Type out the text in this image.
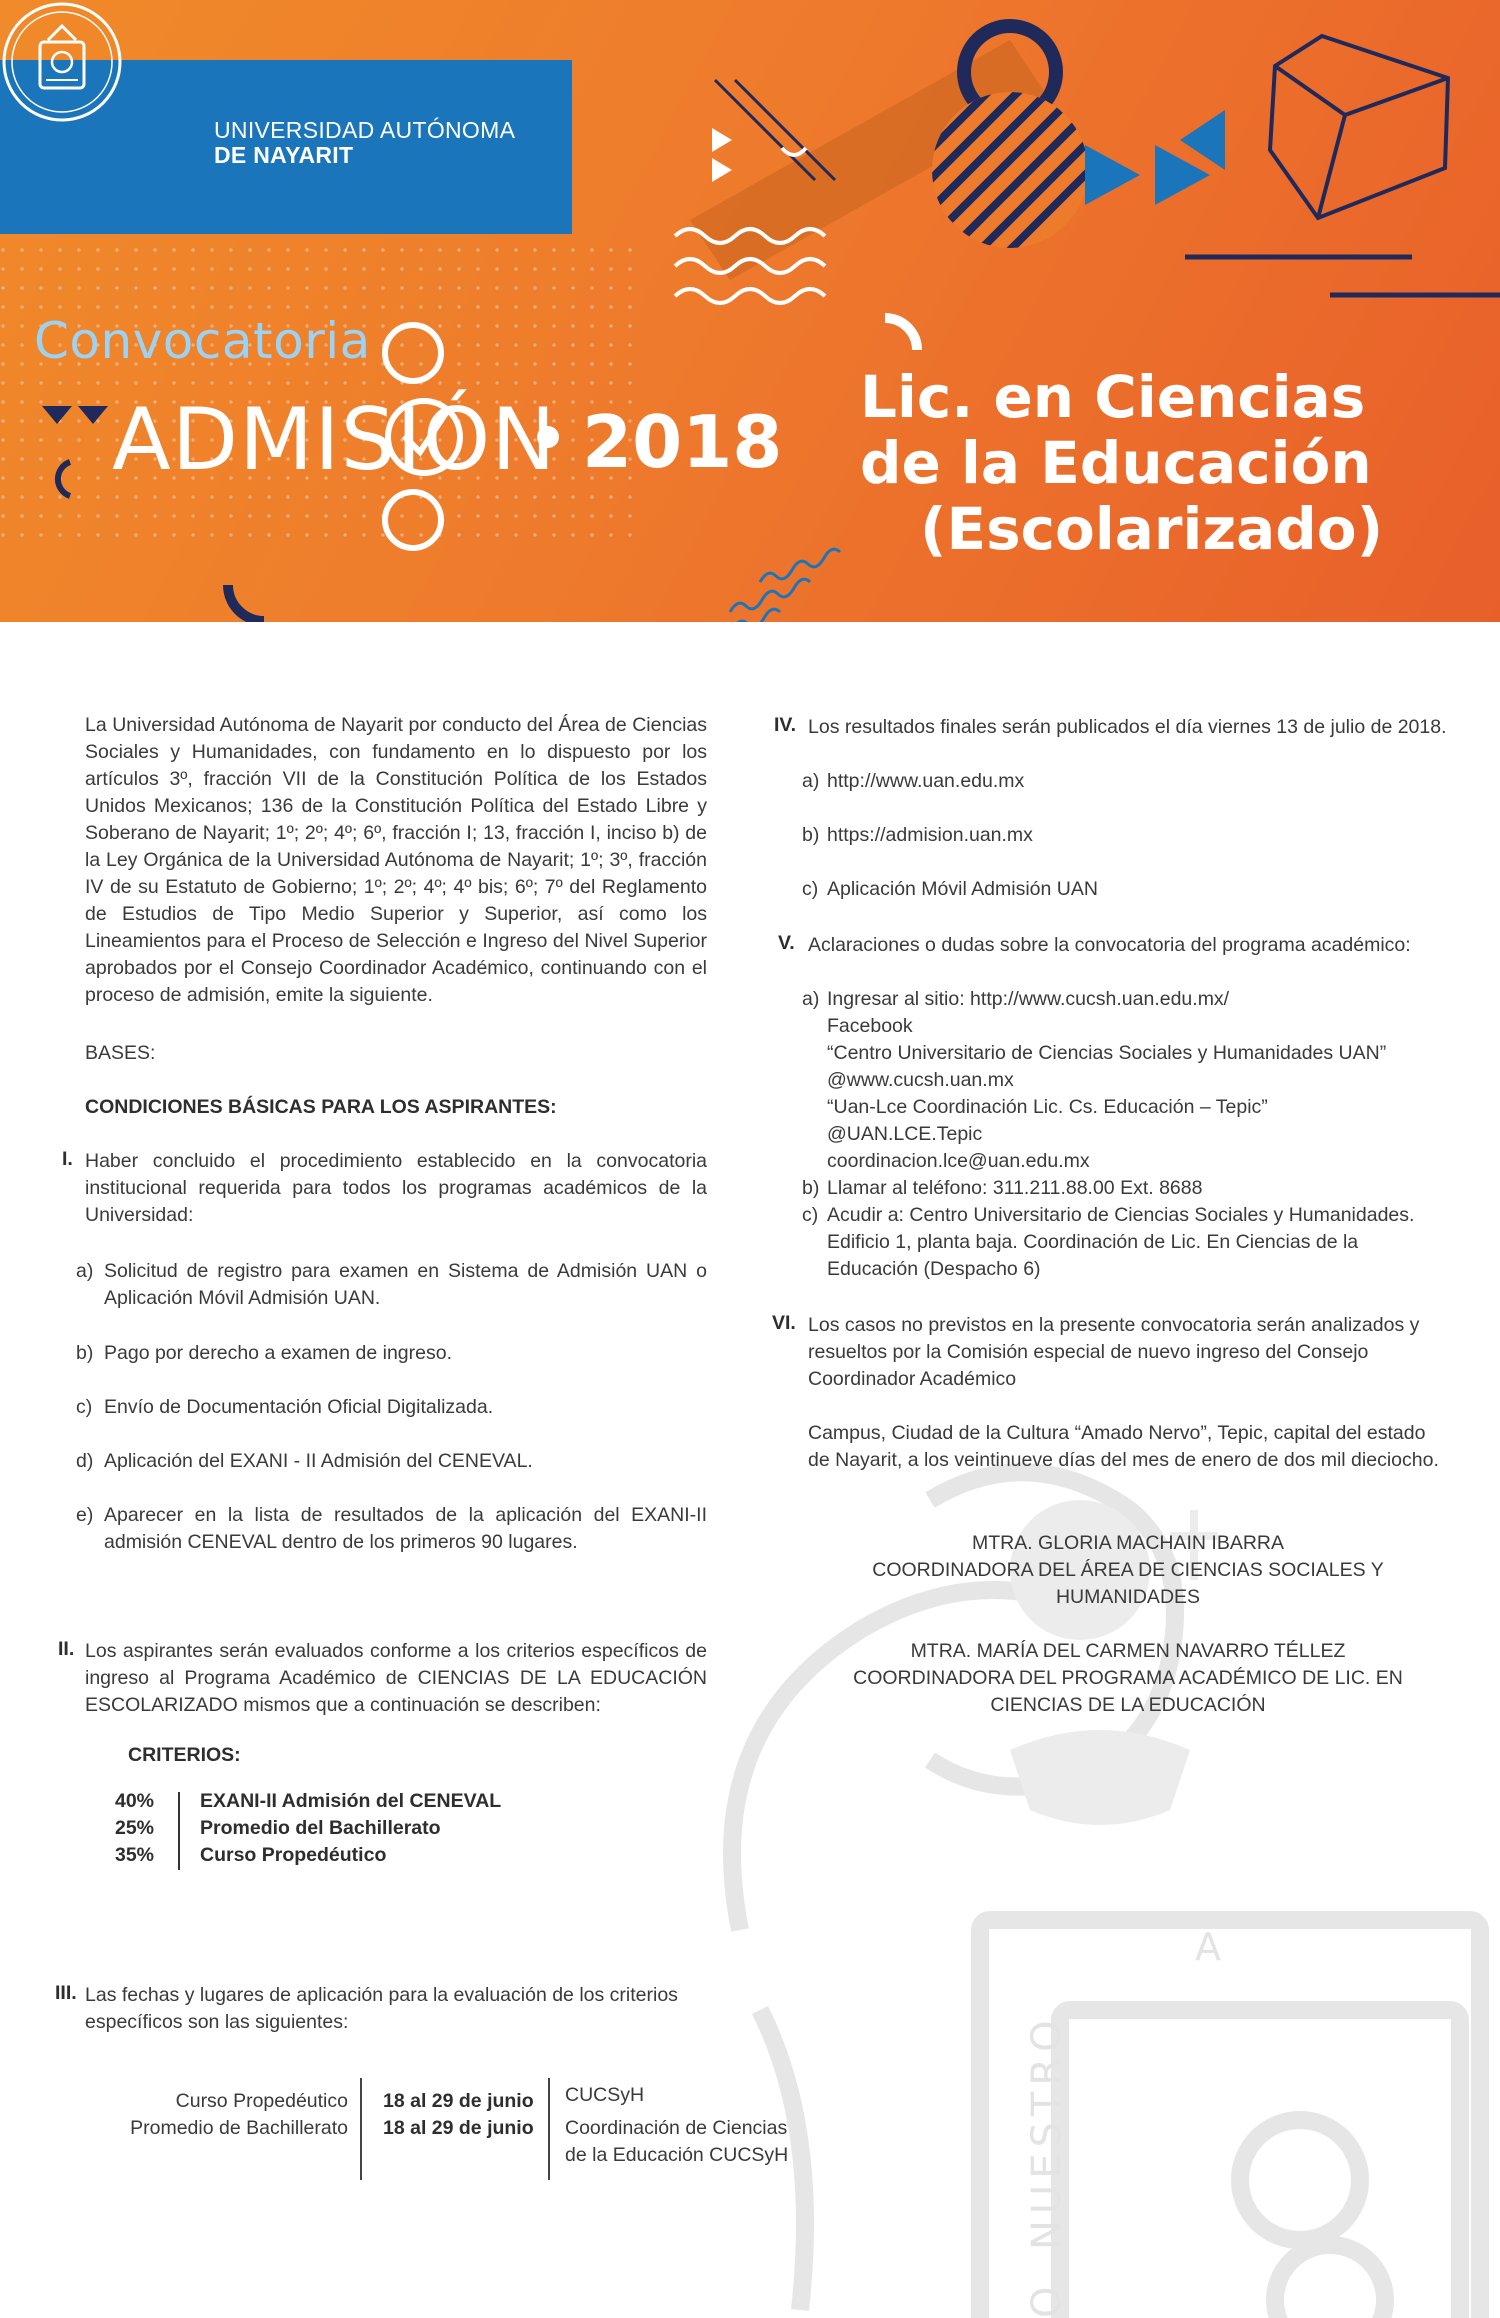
UNIVERSIDAD AUTÓNOMA
DE NAYARIT
Convocatoria
ADMISIÓN 2018
Lic. en Ciencias
de la Educación
(Escolarizado)
A
NUESTRO
O
La Universidad Autónoma de Nayarit por conducto del Área de Ciencias Sociales y Humanidades, con fundamento en lo dispuesto por los artículos 3º, fracción VII de la Constitución Política de los Estados Unidos Mexicanos; 136 de la Constitución Política del Estado Libre y Soberano de Nayarit; 1º; 2º; 4º; 6º, fracción I; 13, fracción I, inciso b) de la Ley Orgánica de la Universidad Autónoma de Nayarit; 1º; 3º, fracción IV de su Estatuto de Gobierno; 1º; 2º; 4º; 4º bis; 6º; 7º del Reglamento de Estudios de Tipo Medio Superior y Superior, así como los Lineamientos para el Proceso de Selección e Ingreso del Nivel Superior aprobados por el Consejo Coordinador Académico, continuando con el proceso de admisión, emite la siguiente.
BASES:
CONDICIONES BÁSICAS PARA LOS ASPIRANTES:
I. Haber concluido el procedimiento establecido en la convocatoria institucional requerida para todos los programas académicos de la Universidad:
a) Solicitud de registro para examen en Sistema de Admisión UAN o Aplicación Móvil Admisión UAN.
b) Pago por derecho a examen de ingreso.
c) Envío de Documentación Oficial Digitalizada.
d) Aplicación del EXANI - II Admisión del CENEVAL.
e) Aparecer en la lista de resultados de la aplicación del EXANI-II admisión CENEVAL dentro de los primeros 90 lugares.
II. Los aspirantes serán evaluados conforme a los criterios específicos de ingreso al Programa Académico de CIENCIAS DE LA EDUCACIÓN ESCOLARIZADO mismos que a continuación se describen:
CRITERIOS:
40% EXANI-II Admisión del CENEVAL
25% Promedio del Bachillerato
35% Curso Propedéutico
III. Las fechas y lugares de aplicación para la evaluación de los criterios específicos son las siguientes:
Curso Propedéutico
Promedio de Bachillerato
18 al 29 de junio
18 al 29 de junio
CUCSyH
Coordinación de Ciencias
de la Educación CUCSyH
IV. Los resultados finales serán publicados el día viernes 13 de julio de 2018.
a) http://www.uan.edu.mx
b) https://admision.uan.mx
c) Aplicación Móvil Admisión UAN
V. Aclaraciones o dudas sobre la convocatoria del programa académico:
a) Ingresar al sitio: http://www.cucsh.uan.edu.mx/
Facebook
“Centro Universitario de Ciencias Sociales y Humanidades UAN”
@www.cucsh.uan.mx
“Uan-Lce Coordinación Lic. Cs. Educación – Tepic”
@UAN.LCE.Tepic
coordinacion.lce@uan.edu.mx
b) Llamar al teléfono: 311.211.88.00 Ext. 8688
c) Acudir a: Centro Universitario de Ciencias Sociales y Humanidades.
Edificio 1, planta baja. Coordinación de Lic. En Ciencias de la
Educación (Despacho 6)
VI. Los casos no previstos en la presente convocatoria serán analizados y resueltos por la Comisión especial de nuevo ingreso del Consejo Coordinador Académico
Campus, Ciudad de la Cultura “Amado Nervo”, Tepic, capital del estado de Nayarit, a los veintinueve días del mes de enero de dos mil dieciocho.
MTRA. GLORIA MACHAIN IBARRA
COORDINADORA DEL ÁREA DE CIENCIAS SOCIALES Y
HUMANIDADES
MTRA. MARÍA DEL CARMEN NAVARRO TÉLLEZ
COORDINADORA DEL PROGRAMA ACADÉMICO DE LIC. EN
CIENCIAS DE LA EDUCACIÓN
